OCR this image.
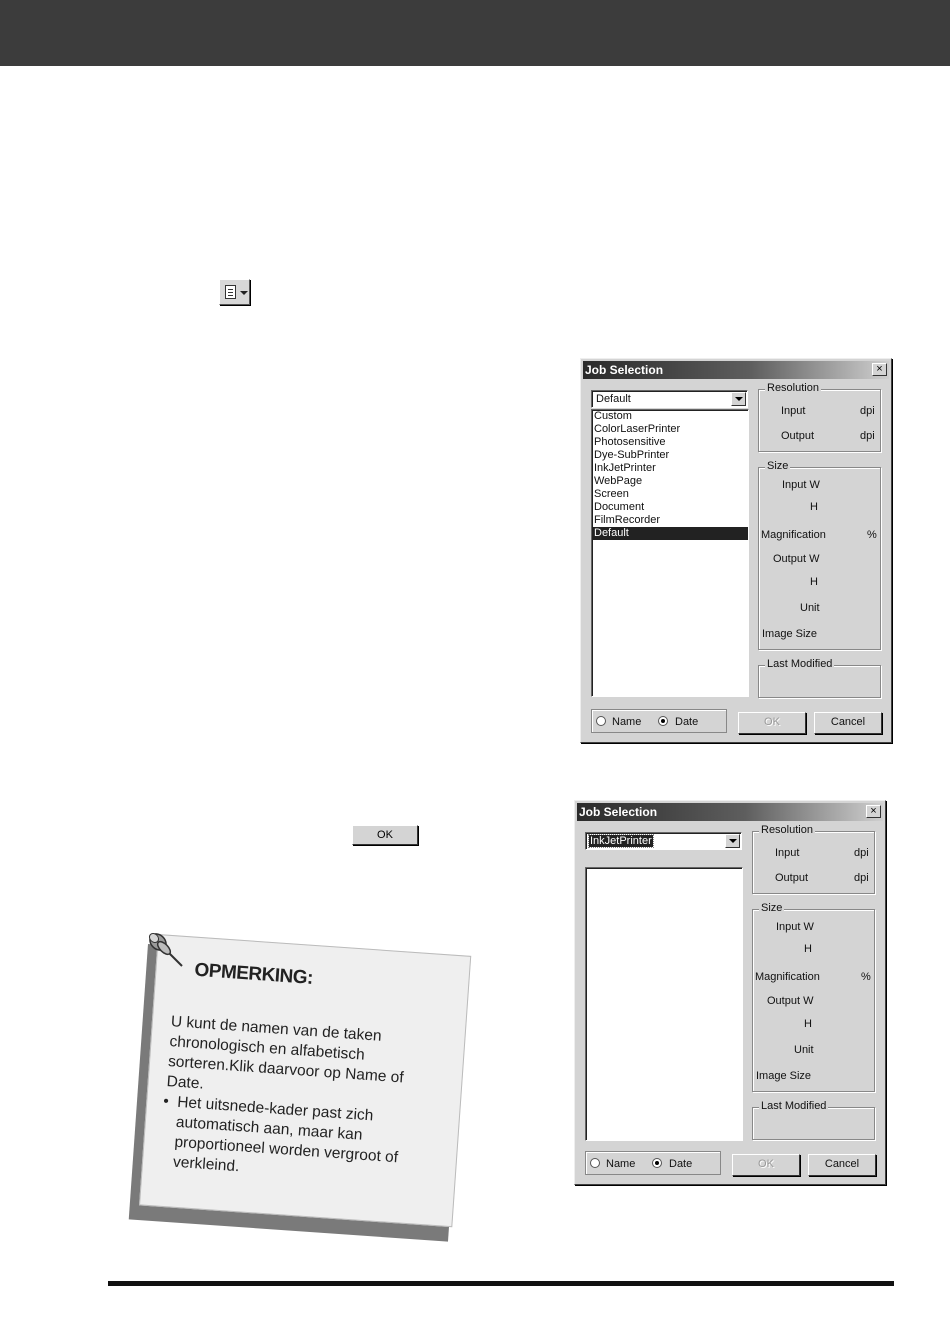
Job Selection	×
Default
Custom
ColorLaserPrinter
Photosensitive
Dye-SubPrinter
InkJetPrinter
WebPage
Screen
Document
FilmRecorder
Default
Resolution
Input	dpi
Output	dpi
Size
Input W
H
Magnification	%
Output W
H
Unit
Image Size
Last Modified
Name	Date	OK	Cancel
OK
Job Selection	×
InkJetPrinter
Resolution
Input	dpi
Output	dpi
Size
Input W
H
Magnification	%
Output W
H
Unit
Image Size
Last Modified
Name	Date	OK	Cancel
OPMERKING:
U kunt de namen van de taken chronologisch en alfabetisch sorteren.Klik daarvoor op Name of Date.
• Het uitsnede-kader past zich automatisch aan, maar kan proportioneel worden vergroot of verkleind.
